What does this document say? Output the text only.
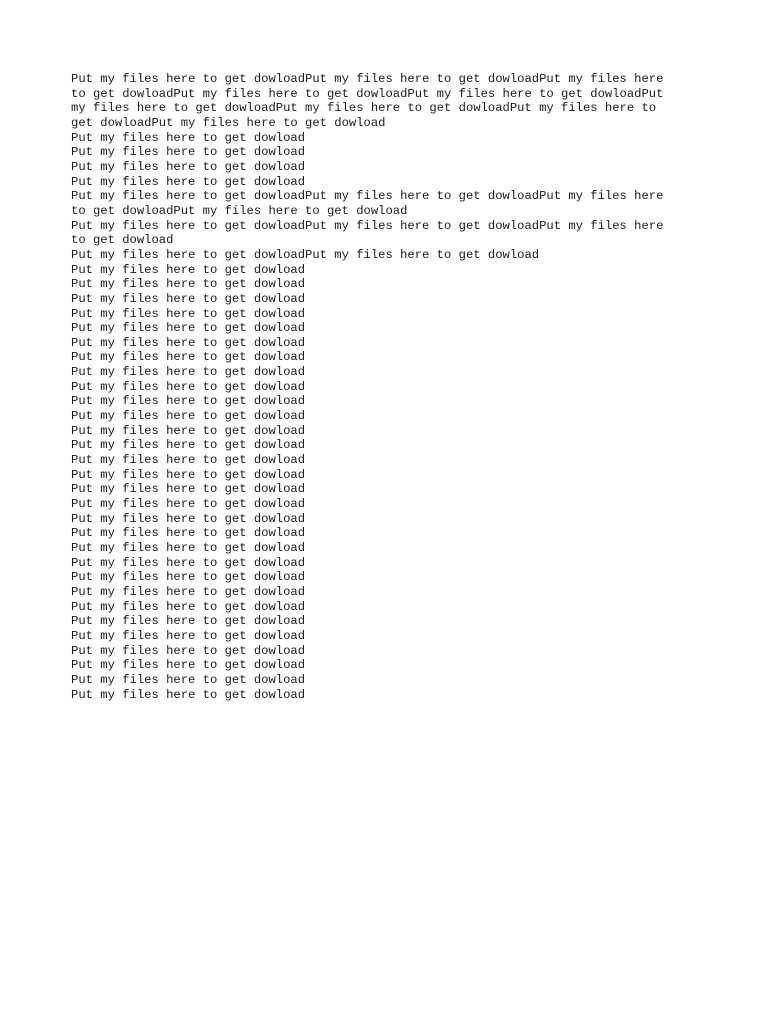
Put my files here to get dowloadPut my files here to get dowloadPut my files here
to get dowloadPut my files here to get dowloadPut my files here to get dowloadPut
my files here to get dowloadPut my files here to get dowloadPut my files here to
get dowloadPut my files here to get dowload

Put my files here to get dowload

Put my files here to get dowload

Put my files here to get dowload

Put my files here to get dowload

Put my files here to get dowloadPut my files here to get dowloadPut my files here
to get dowloadPut my files here to get dowload

Put my files here to get dowloadPut my files here to get dowloadPut my files here
to get dowload

Put my files here to get dowloadPut my files here to get dowload

Put my files here to get dowload

Put my files here to get dowload

Put my files here to get dowload

Put my files here to get dowload

Put my files here to get dowload

Put my files here to get dowload

Put my files here to get dowload

Put my files here to get dowload

Put my files here to get dowload

Put my files here to get dowload

Put my files here to get dowload

Put my files here to get dowload

Put my files here to get dowload

Put my files here to get dowload

Put my files here to get dowload

Put my files here to get dowload

Put my files here to get dowload

Put my files here to get dowload

Put my files here to get dowload

Put my files here to get dowload

Put my files here to get dowload

Put my files here to get dowload

Put my files here to get dowload

Put my files here to get dowload

Put my files here to get dowload

Put my files here to get dowload

Put my files here to get dowload

Put my files here to get dowload

Put my files here to get dowload

Put my files here to get dowload
